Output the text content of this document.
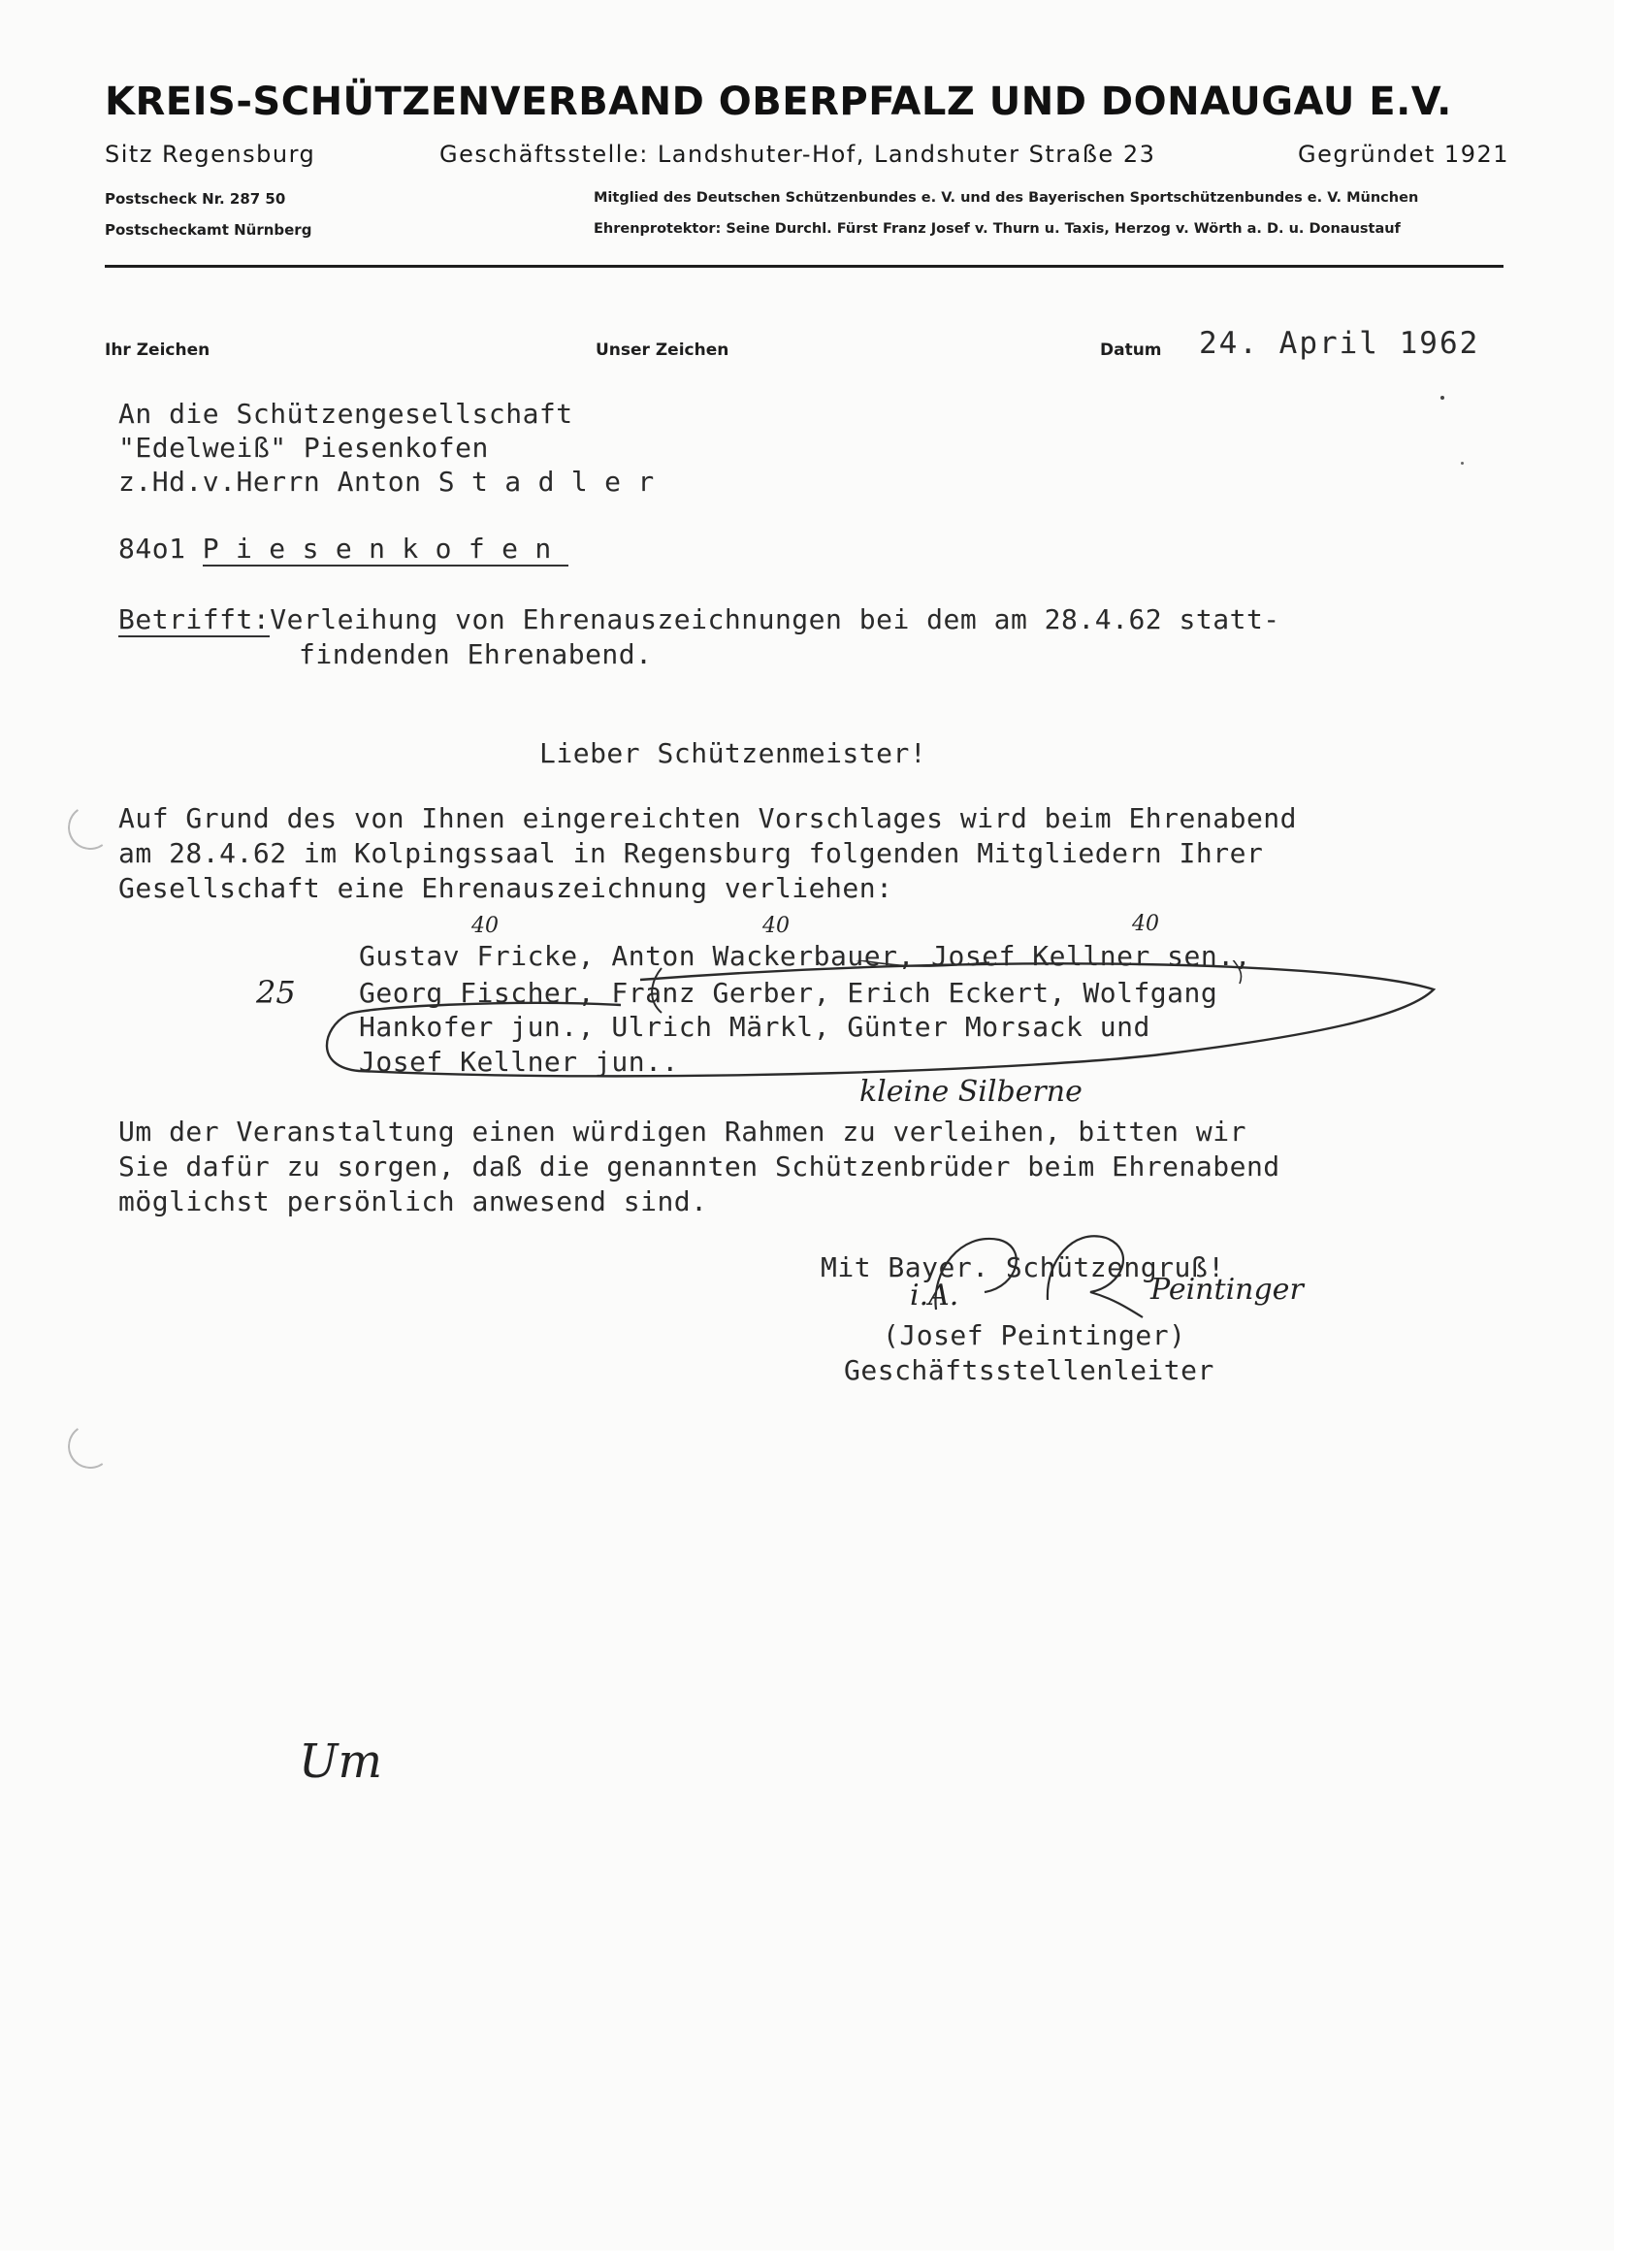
KREIS-SCHÜTZENVERBAND OBERPFALZ UND DONAUGAU E.V.
Sitz Regensburg	Geschäftsstelle: Landshuter-Hof, Landshuter Straße 23	Gegründet 1921
Postscheck Nr. 287 50
Postscheckamt Nürnberg
Mitglied des Deutschen Schützenbundes e. V. und des Bayerischen Sportschützenbundes e. V. München
Ehrenprotektor: Seine Durchl. Fürst Franz Josef v. Thurn u. Taxis, Herzog v. Wörth a. D. u. Donaustauf
Ihr Zeichen	Unser Zeichen	Datum 24. April 1962
An die Schützengesellschaft
"Edelweiß" Piesenkofen
z.Hd.v.Herrn Anton Stadler
84o1 Piesenkofen
Betrifft:Verleihung von Ehrenauszeichnungen bei dem am 28.4.62 statt-
findenden Ehrenabend.
Lieber Schützenmeister!
Auf Grund des von Ihnen eingereichten Vorschlages wird beim Ehrenabend
am 28.4.62 im Kolpingssaal in Regensburg folgenden Mitgliedern Ihrer
Gesellschaft eine Ehrenauszeichnung verliehen:
Gustav Fricke, Anton Wackerbauer, Josef Kellner sen.,
Georg Fischer, Franz Gerber, Erich Eckert, Wolfgang
Hankofer jun., Ulrich Märkl, Günter Morsack und
Josef Kellner jun..
40	40	40
25
kleine Silberne
Um der Veranstaltung einen würdigen Rahmen zu verleihen, bitten wir
Sie dafür zu sorgen, daß die genannten Schützenbrüder beim Ehrenabend
möglichst persönlich anwesend sind.
Mit Bayer. Schützengruß!
i.A.	Peintinger
(Josef Peintinger)
Geschäftsstellenleiter
Um
